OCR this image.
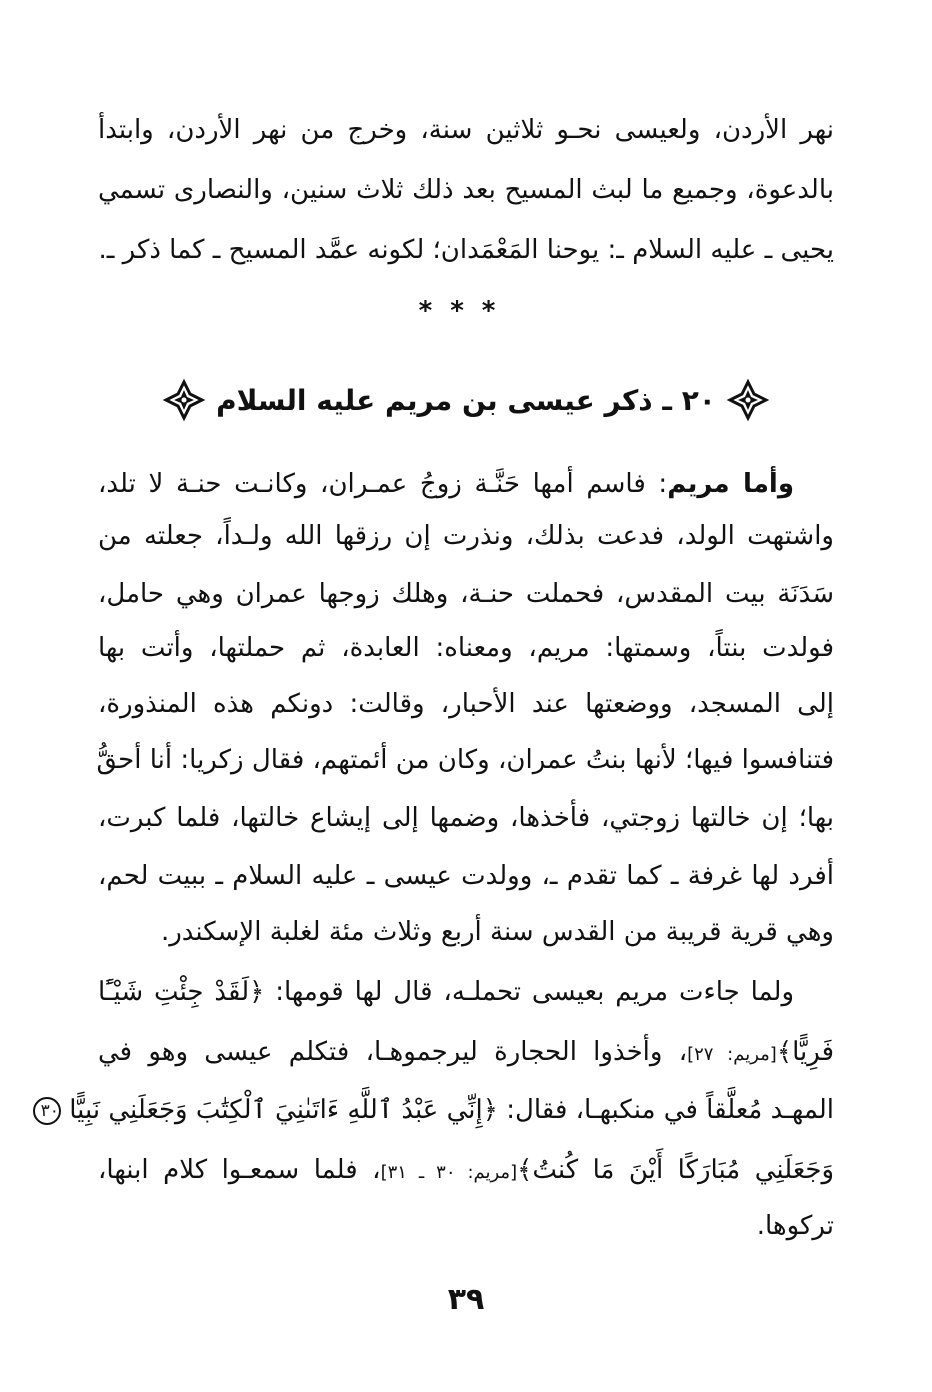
نهر الأردن، ولعيسى نحـو ثلاثين سنة، وخرج من نهر الأردن، وابتدأ
بالدعوة، وجميع ما لبث المسيح بعد ذلك ثلاث سنين، والنصارى تسمي
يحيى ـ عليه السلام ـ: يوحنا المَعْمَدان؛ لكونه عمَّد المسيح ـ كما ذكر ـ.
***
٢٠ ـ ذكر عيسى بن مريم عليه السلام
وأما مريم: فاسم أمها حَنَّـة زوجُ عمـران، وكانـت حنـة لا تلد،
واشتهت الولد، فدعت بذلك، ونذرت إن رزقها الله ولـداً، جعلته من
سَدَنَة بيت المقدس، فحملت حنـة، وهلك زوجها عمران وهي حامل،
فولدت بنتاً، وسمتها: مريم، ومعناه: العابدة، ثم حملتها، وأتت بها
إلى المسجد، ووضعتها عند الأحبار، وقالت: دونكم هذه المنذورة،
فتنافسوا فيها؛ لأنها بنتُ عمران، وكان من أئمتهم، فقال زكريا: أنا أحقُّ
بها؛ إن خالتها زوجتي، فأخذها، وضمها إلى إيشاع خالتها، فلما كبرت،
أفرد لها غرفة ـ كما تقدم ـ، وولدت عيسى ـ عليه السلام ـ ببيت لحم،
وهي قرية قريبة من القدس سنة أربع وثلاث مئة لغلبة الإسكندر.
ولما جاءت مريم بعيسى تحملـه، قال لها قومها: ﴿لَقَدْ جِئْتِ شَيْـًٔا
فَرِيًّا﴾[مريم: ٢٧]، وأخذوا الحجارة ليرجموهـا، فتكلم عيسى وهو في
المهـد مُعلَّقاً في منكبهـا، فقال: ﴿إِنِّي عَبْدُ ٱللَّهِ ءَاتَىٰنِيَ ٱلْكِتَٰبَ وَجَعَلَنِي نَبِيًّا ٣٠
وَجَعَلَنِي مُبَارَكًا أَيْنَ مَا كُنتُ﴾[مريم: ٣٠ ـ ٣١]، فلما سمعـوا كلام ابنها،
تركوها.
٣٩
